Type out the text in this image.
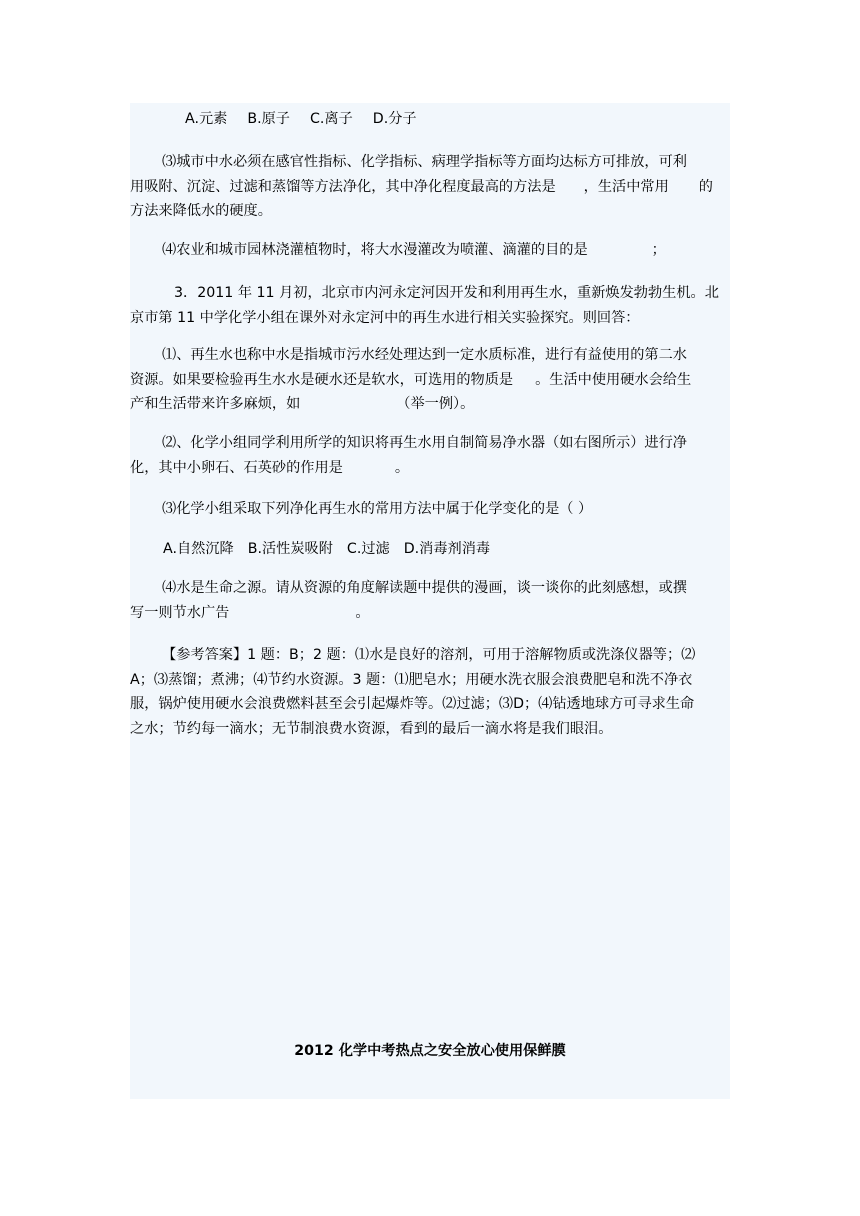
A.元素 B.原子 C.离子 D.分子

⑶城市中水必须在感官性指标、化学指标、病理学指标等方面均达标方可排放，可利
用吸附、沉淀、过滤和蒸馏等方法净化，其中净化程度最高的方法是 ，生活中常用 的
方法来降低水的硬度。
⑷农业和城市园林浇灌植物时，将大水漫灌改为喷灌、滴灌的目的是	；
3．2011 年 11 月初，北京市内河永定河因开发和利用再生水，重新焕发勃勃生机。北
京市第 11 中学化学小组在课外对永定河中的再生水进行相关实验探究。则回答：
⑴、再生水也称中水是指城市污水经处理达到一定水质标准，进行有益使用的第二水
资源。如果要检验再生水水是硬水还是软水，可选用的物质是 。生活中使用硬水会给生
产和生活带来许多麻烦，如	（举一例）。
⑵、化学小组同学利用所学的知识将再生水用自制简易净水器（如右图所示）进行净
化，其中小卵石、石英砂的作用是	。
⑶化学小组采取下列净化再生水的常用方法中属于化学变化的是（ ）

A.自然沉降 B.活性炭吸附 C.过滤 D.消毒剂消毒

⑷水是生命之源。请从资源的角度解读题中提供的漫画，谈一谈你的此刻感想，或撰
写一则节水广告	。
【参考答案】1 题：B；2 题：⑴水是良好的溶剂，可用于溶解物质或洗涤仪器等；⑵
A；⑶蒸馏；煮沸；⑷节约水资源。3 题：⑴肥皂水；用硬水洗衣服会浪费肥皂和洗不净衣
服，锅炉使用硬水会浪费燃料甚至会引起爆炸等。⑵过滤；⑶D；⑷钻透地球方可寻求生命
之水；节约每一滴水；无节制浪费水资源，看到的最后一滴水将是我们眼泪。

2012 化学中考热点之安全放心使用保鲜膜
